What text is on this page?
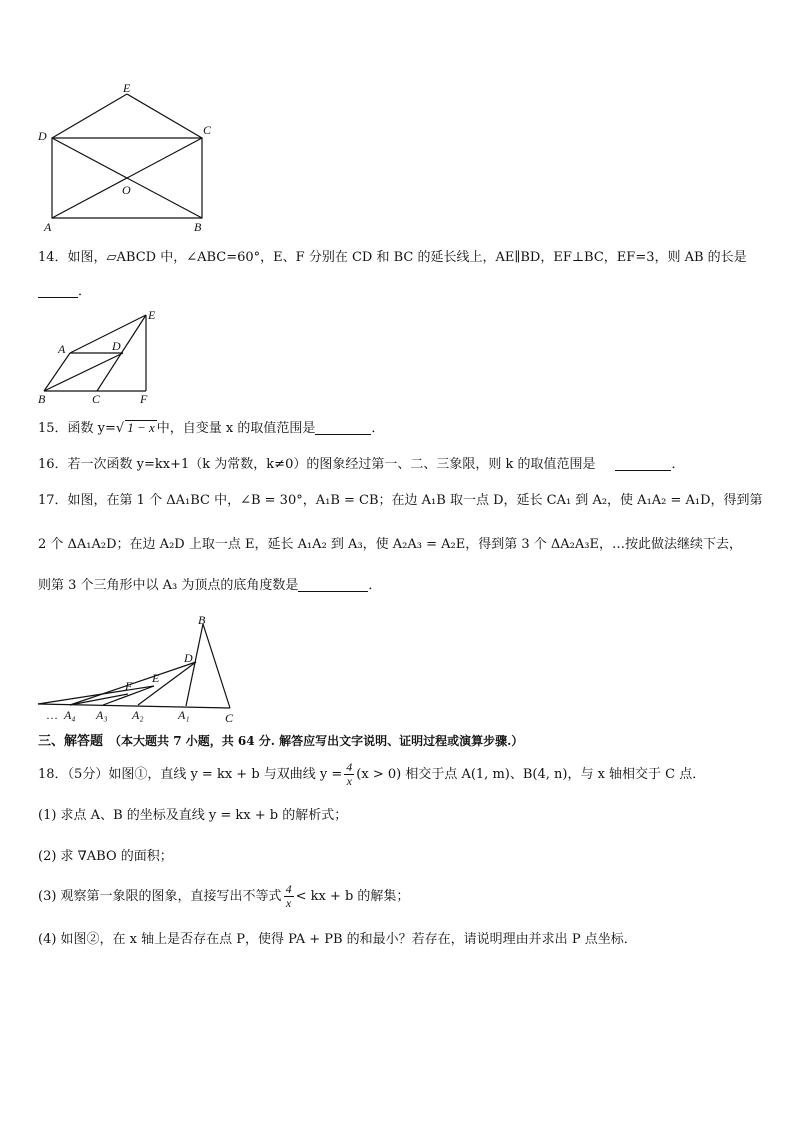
E
D	C
O
A	B
14．如图，▱ABCD 中，∠ABC=60°，E、F 分别在 CD 和 BC 的延长线上，AE∥BD，EF⊥BC，EF=3，则 AB 的长是
．
E
A	D
B	C	F
15．函数 y=√ 1 − x 中，自变量 x 的取值范围是	．
16．若一次函数 y=kx+1（k 为常数，k≠0）的图象经过第一、二、三象限，则 k 的取值范围是	．
17．如图，在第 1 个 ΔA₁BC 中，∠B = 30°，A₁B = CB；在边 A₁B 取一点 D，延长 CA₁ 到 A₂，使 A₁A₂ = A₁D，得到第
2 个 ΔA₁A₂D；在边 A₂D 上取一点 E，延长 A₁A₂ 到 A₃，使 A₂A₃ = A₂E，得到第 3 个 ΔA₂A₃E，…按此做法继续下去，
则第 3 个三角形中以 A₃ 为顶点的底角度数是	．
B
D
E
F
… A₄ A₃ A₂	A₁	C
三、解答题 （本大题共 7 小题，共 64 分. 解答应写出文字说明、证明过程或演算步骤.）
18．（5分）如图①，直线 y = kx + b 与双曲线 $y = \frac{4}{x} (x > 0)$ 相交于点 A(1, m)、B(4, n)，与 x 轴相交于 C 点．
(1) 求点 A、B 的坐标及直线 y = kx + b 的解析式；
(2) 求 ∇ABO 的面积；
(3) 观察第一象限的图象，直接写出不等式 $\frac{4}{x}$ < kx + b 的解集；
(4) 如图②，在 x 轴上是否存在点 P，使得 PA + PB 的和最小？若存在，请说明理由并求出 P 点坐标．
